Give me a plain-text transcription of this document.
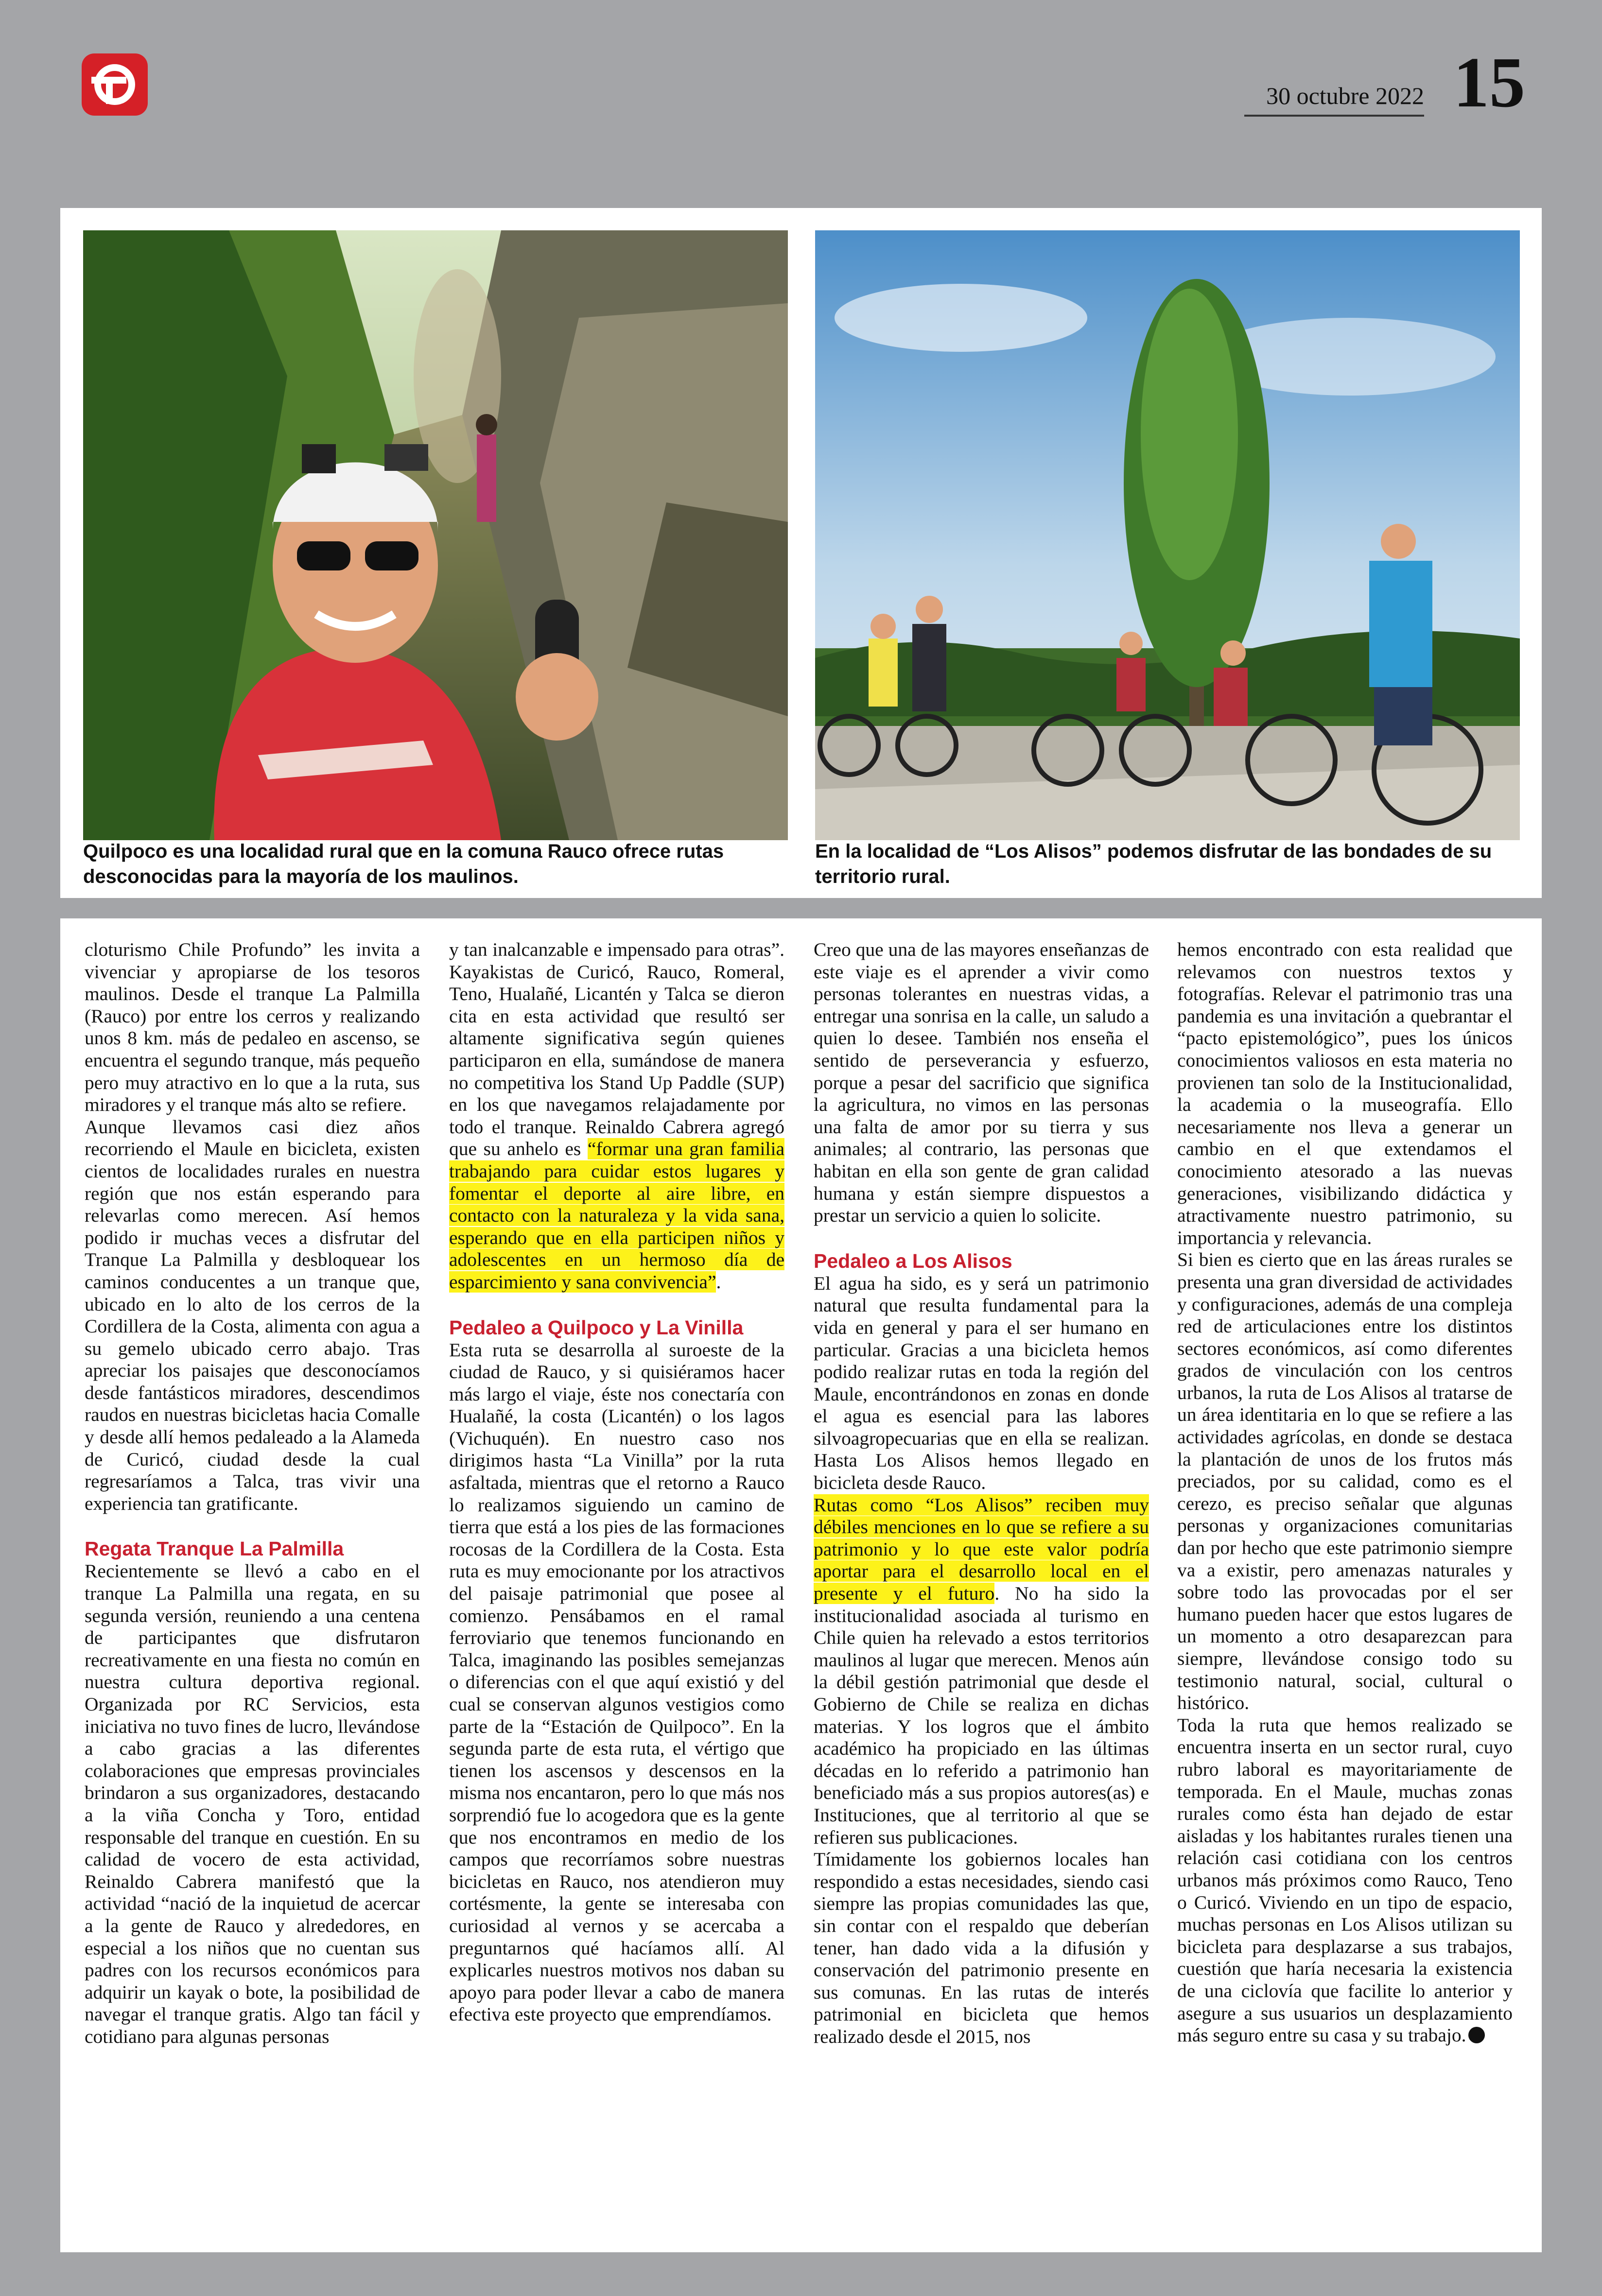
30 octubre 2022 15
Quilpoco es una localidad rural que en la comuna Rauco ofrece rutas desconocidas para la mayoría de los maulinos.
En la localidad de “Los Alisos” podemos disfrutar de las bondades de su territorio rural.

cloturismo Chile Profundo” les invita a vivenciar y apropiarse de los tesoros maulinos. Desde el tranque La Palmilla (Rauco) por entre los cerros y realizando unos 8 km. más de pedaleo en ascenso, se encuentra el segundo tranque, más pequeño pero muy atractivo en lo que a la ruta, sus miradores y el tranque más alto se refiere.

Aunque llevamos casi diez años recorriendo el Maule en bicicleta, existen cientos de localidades rurales en nuestra región que nos están esperando para relevarlas como merecen. Así hemos podido ir muchas veces a disfrutar del Tranque La Palmilla y desbloquear los caminos conducentes a un tranque que, ubicado en lo alto de los cerros de la Cordillera de la Costa, alimenta con agua a su gemelo ubicado cerro abajo. Tras apreciar los paisajes que desconocíamos desde fantásticos miradores, descendimos raudos en nuestras bicicletas hacia Comalle y desde allí hemos pedaleado a la Alameda de Curicó, ciudad desde la cual regresaríamos a Talca, tras vivir una experiencia tan gratificante.

Regata Tranque La Palmilla

Recientemente se llevó a cabo en el tranque La Palmilla una regata, en su segunda versión, reuniendo a una centena de participantes que disfrutaron recreativamente en una fiesta no común en nuestra cultura deportiva regional. Organizada por RC Servicios, esta iniciativa no tuvo fines de lucro, llevándose a cabo gracias a las diferentes colaboraciones que empresas provinciales brindaron a sus organizadores, destacando a la viña Concha y Toro, entidad responsable del tranque en cuestión. En su calidad de vocero de esta actividad, Reinaldo Cabrera manifestó que la actividad “nació de la inquietud de acercar a la gente de Rauco y alrededores, en especial a los niños que no cuentan sus padres con los recursos económicos para adquirir un kayak o bote, la posibilidad de navegar el tranque gratis. Algo tan fácil y cotidiano para algunas personas

y tan inalcanzable e impensado para otras”. Kayakistas de Curicó, Rauco, Romeral, Teno, Hualañé, Licantén y Talca se dieron cita en esta actividad que resultó ser altamente significativa según quienes participaron en ella, sumándose de manera no competitiva los Stand Up Paddle (SUP) en los que navegamos relajadamente por todo el tranque. Reinaldo Cabrera agregó que su anhelo es “formar una gran familia trabajando para cuidar estos lugares y fomentar el deporte al aire libre, en contacto con la naturaleza y la vida sana, esperando que en ella participen niños y adolescentes en un hermoso día de esparcimiento y sana convivencia”.

Pedaleo a Quilpoco y La Vinilla

Esta ruta se desarrolla al suroeste de la ciudad de Rauco, y si quisiéramos hacer más largo el viaje, éste nos conectaría con Hualañé, la costa (Licantén) o los lagos (Vichuquén). En nuestro caso nos dirigimos hasta “La Vinilla” por la ruta asfaltada, mientras que el retorno a Rauco lo realizamos siguiendo un camino de tierra que está a los pies de las formaciones rocosas de la Cordillera de la Costa. Esta ruta es muy emocionante por los atractivos del paisaje patrimonial que posee al comienzo. Pensábamos en el ramal ferroviario que tenemos funcionando en Talca, imaginando las posibles semejanzas o diferencias con el que aquí existió y del cual se conservan algunos vestigios como parte de la “Estación de Quilpoco”. En la segunda parte de esta ruta, el vértigo que tienen los ascensos y descensos en la misma nos encantaron, pero lo que más nos sorprendió fue lo acogedora que es la gente que nos encontramos en medio de los campos que recorríamos sobre nuestras bicicletas en Rauco, nos atendieron muy cortésmente, la gente se interesaba con curiosidad al vernos y se acercaba a preguntarnos qué hacíamos allí. Al explicarles nuestros motivos nos daban su apoyo para poder llevar a cabo de manera efectiva este proyecto que emprendíamos.

Creo que una de las mayores enseñanzas de este viaje es el aprender a vivir como personas tolerantes en nuestras vidas, a entregar una sonrisa en la calle, un saludo a quien lo desee. También nos enseña el sentido de perseverancia y esfuerzo, porque a pesar del sacrificio que significa la agricultura, no vimos en las personas una falta de amor por su tierra y sus animales; al contrario, las personas que habitan en ella son gente de gran calidad humana y están siempre dispuestos a prestar un servicio a quien lo solicite.

Pedaleo a Los Alisos

El agua ha sido, es y será un patrimonio natural que resulta fundamental para la vida en general y para el ser humano en particular. Gracias a una bicicleta hemos podido realizar rutas en toda la región del Maule, encontrándonos en zonas en donde el agua es esencial para las labores silvoagropecuarias que en ella se realizan. Hasta Los Alisos hemos llegado en bicicleta desde Rauco.

Rutas como “Los Alisos” reciben muy débiles menciones en lo que se refiere a su patrimonio y lo que este valor podría aportar para el desarrollo local en el presente y el futuro. No ha sido la institucionalidad asociada al turismo en Chile quien ha relevado a estos territorios maulinos al lugar que merecen. Menos aún la débil gestión patrimonial que desde el Gobierno de Chile se realiza en dichas materias. Y los logros que el ámbito académico ha propiciado en las últimas décadas en lo referido a patrimonio han beneficiado más a sus propios autores(as) e Instituciones, que al territorio al que se refieren sus publicaciones.

Tímidamente los gobiernos locales han respondido a estas necesidades, siendo casi siempre las propias comunidades las que, sin contar con el respaldo que deberían tener, han dado vida a la difusión y conservación del patrimonio presente en sus comunas. En las rutas de interés patrimonial en bicicleta que hemos realizado desde el 2015, nos

hemos encontrado con esta realidad que relevamos con nuestros textos y fotografías. Relevar el patrimonio tras una pandemia es una invitación a quebrantar el “pacto epistemológico”, pues los únicos conocimientos valiosos en esta materia no provienen tan solo de la Institucionalidad, la academia o la museografía. Ello necesariamente nos lleva a generar un cambio en el que extendamos el conocimiento atesorado a las nuevas generaciones, visibilizando didáctica y atractivamente nuestro patrimonio, su importancia y relevancia.

Si bien es cierto que en las áreas rurales se presenta una gran diversidad de actividades y configuraciones, además de una compleja red de articulaciones entre los distintos sectores económicos, así como diferentes grados de vinculación con los centros urbanos, la ruta de Los Alisos al tratarse de un área identitaria en lo que se refiere a las actividades agrícolas, en donde se destaca la plantación de unos de los frutos más preciados, por su calidad, como es el cerezo, es preciso señalar que algunas personas y organizaciones comunitarias dan por hecho que este patrimonio siempre va a existir, pero amenazas naturales y sobre todo las provocadas por el ser humano pueden hacer que estos lugares de un momento a otro desaparezcan para siempre, llevándose consigo todo su testimonio natural, social, cultural o histórico.

Toda la ruta que hemos realizado se encuentra inserta en un sector rural, cuyo rubro laboral es mayoritariamente de temporada. En el Maule, muchas zonas rurales como ésta han dejado de estar aisladas y los habitantes rurales tienen una relación casi cotidiana con los centros urbanos más próximos como Rauco, Teno o Curicó. Viviendo en un tipo de espacio, muchas personas en Los Alisos utilizan su bicicleta para desplazarse a sus trabajos, cuestión que haría necesaria la existencia de una ciclovía que facilite lo anterior y asegure a sus usuarios un desplazamiento más seguro entre su casa y su trabajo.
